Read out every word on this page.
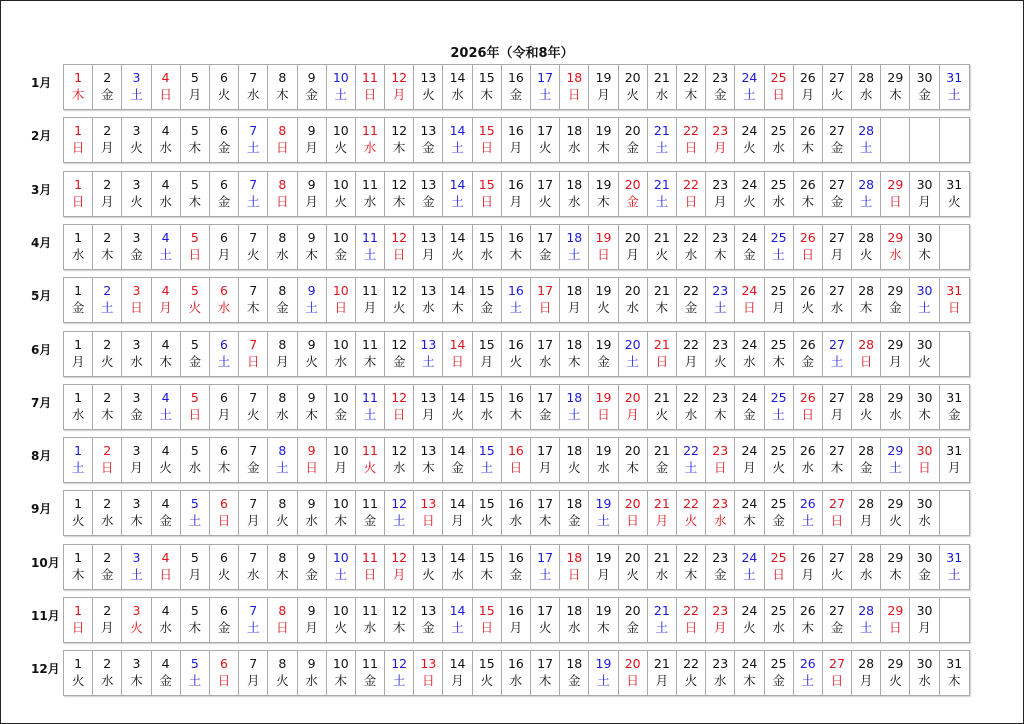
2026年（令和8年）
1月	1
木
2
金
3
土
4
日
5
月
6
火
7
水
8
木
9
金
10
土
11
日
12
月
13
火
14
水
15
木
16
金
17
土
18
日
19
月
20
火
21
水
22
木
23
金
24
土
25
日
26
月
27
火
28
水
29
木
30
金
31
土
2月	1
日
2
月
3
火
4
水
5
木
6
金
7
土
8
日
9
月
10
火
11
水
12
木
13
金
14
土
15
日
16
月
17
火
18
水
19
木
20
金
21
土
22
日
23
月
24
火
25
水
26
木
27
金
28
土
3月	1
日
2
月
3
火
4
水
5
木
6
金
7
土
8
日
9
月
10
火
11
水
12
木
13
金
14
土
15
日
16
月
17
火
18
水
19
木
20
金
21
土
22
日
23
月
24
火
25
水
26
木
27
金
28
土
29
日
30
月
31
火
4月	1
水
2
木
3
金
4
土
5
日
6
月
7
火
8
水
9
木
10
金
11
土
12
日
13
月
14
火
15
水
16
木
17
金
18
土
19
日
20
月
21
火
22
水
23
木
24
金
25
土
26
日
27
月
28
火
29
水
30
木
5月	1
金
2
土
3
日
4
月
5
火
6
水
7
木
8
金
9
土
10
日
11
月
12
火
13
水
14
木
15
金
16
土
17
日
18
月
19
火
20
水
21
木
22
金
23
土
24
日
25
月
26
火
27
水
28
木
29
金
30
土
31
日
6月	1
月
2
火
3
水
4
木
5
金
6
土
7
日
8
月
9
火
10
水
11
木
12
金
13
土
14
日
15
月
16
火
17
水
18
木
19
金
20
土
21
日
22
月
23
火
24
水
25
木
26
金
27
土
28
日
29
月
30
火
7月	1
水
2
木
3
金
4
土
5
日
6
月
7
火
8
水
9
木
10
金
11
土
12
日
13
月
14
火
15
水
16
木
17
金
18
土
19
日
20
月
21
火
22
水
23
木
24
金
25
土
26
日
27
月
28
火
29
水
30
木
31
金
8月	1
土
2
日
3
月
4
火
5
水
6
木
7
金
8
土
9
日
10
月
11
火
12
水
13
木
14
金
15
土
16
日
17
月
18
火
19
水
20
木
21
金
22
土
23
日
24
月
25
火
26
水
27
木
28
金
29
土
30
日
31
月
9月	1
火
2
水
3
木
4
金
5
土
6
日
7
月
8
火
9
水
10
木
11
金
12
土
13
日
14
月
15
火
16
水
17
木
18
金
19
土
20
日
21
月
22
火
23
水
24
木
25
金
26
土
27
日
28
月
29
火
30
水
10月	1
木
2
金
3
土
4
日
5
月
6
火
7
水
8
木
9
金
10
土
11
日
12
月
13
火
14
水
15
木
16
金
17
土
18
日
19
月
20
火
21
水
22
木
23
金
24
土
25
日
26
月
27
火
28
水
29
木
30
金
31
土
11月	1
日
2
月
3
火
4
水
5
木
6
金
7
土
8
日
9
月
10
火
11
水
12
木
13
金
14
土
15
日
16
月
17
火
18
水
19
木
20
金
21
土
22
日
23
月
24
火
25
水
26
木
27
金
28
土
29
日
30
月
12月	1
火
2
水
3
木
4
金
5
土
6
日
7
月
8
火
9
水
10
木
11
金
12
土
13
日
14
月
15
火
16
水
17
木
18
金
19
土
20
日
21
月
22
火
23
水
24
木
25
金
26
土
27
日
28
月
29
火
30
水
31
木
